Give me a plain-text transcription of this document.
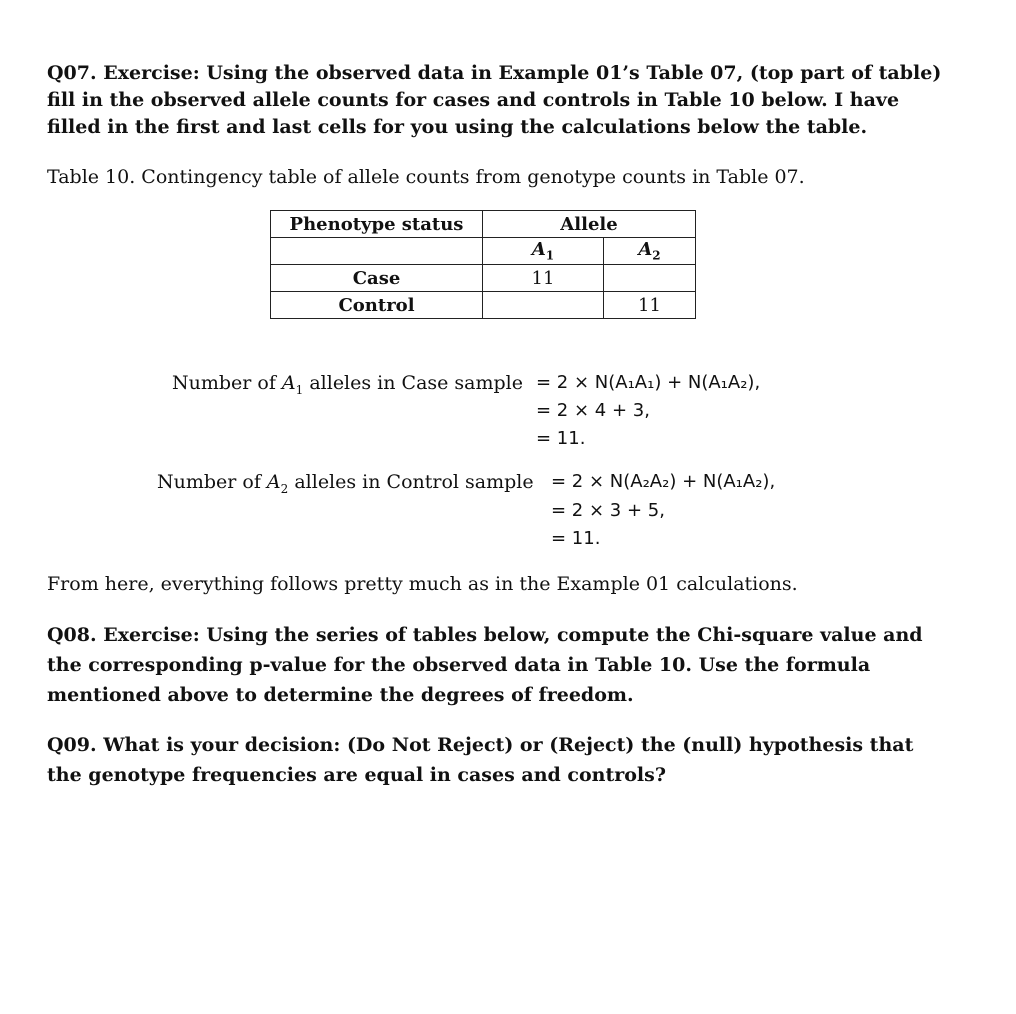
Q07. Exercise: Using the observed data in Example 01’s Table 07, (top part of table) fill in the observed allele counts for cases and controls in Table 10 below. I have filled in the first and last cells for you using the calculations below the table.
Table 10. Contingency table of allele counts from genotype counts in Table 07.
Phenotype status	Allele	
	$A_1$	$A_2$
Case	11	
Control		11
Number of $A_1$ alleles in Case sample = 2 × N(A₁A₁) + N(A₁A₂),
= 2 × 4 + 3,
= 11.
Number of $A_2$ alleles in Control sample = 2 × N(A₂A₂) + N(A₁A₂),
= 2 × 3 + 5,
= 11.
From here, everything follows pretty much as in the Example 01 calculations.
Q08. Exercise: Using the series of tables below, compute the Chi-square value and the corresponding p-value for the observed data in Table 10. Use the formula mentioned above to determine the degrees of freedom.
Q09. What is your decision: (Do Not Reject) or (Reject) the (null) hypothesis that the genotype frequencies are equal in cases and controls?
